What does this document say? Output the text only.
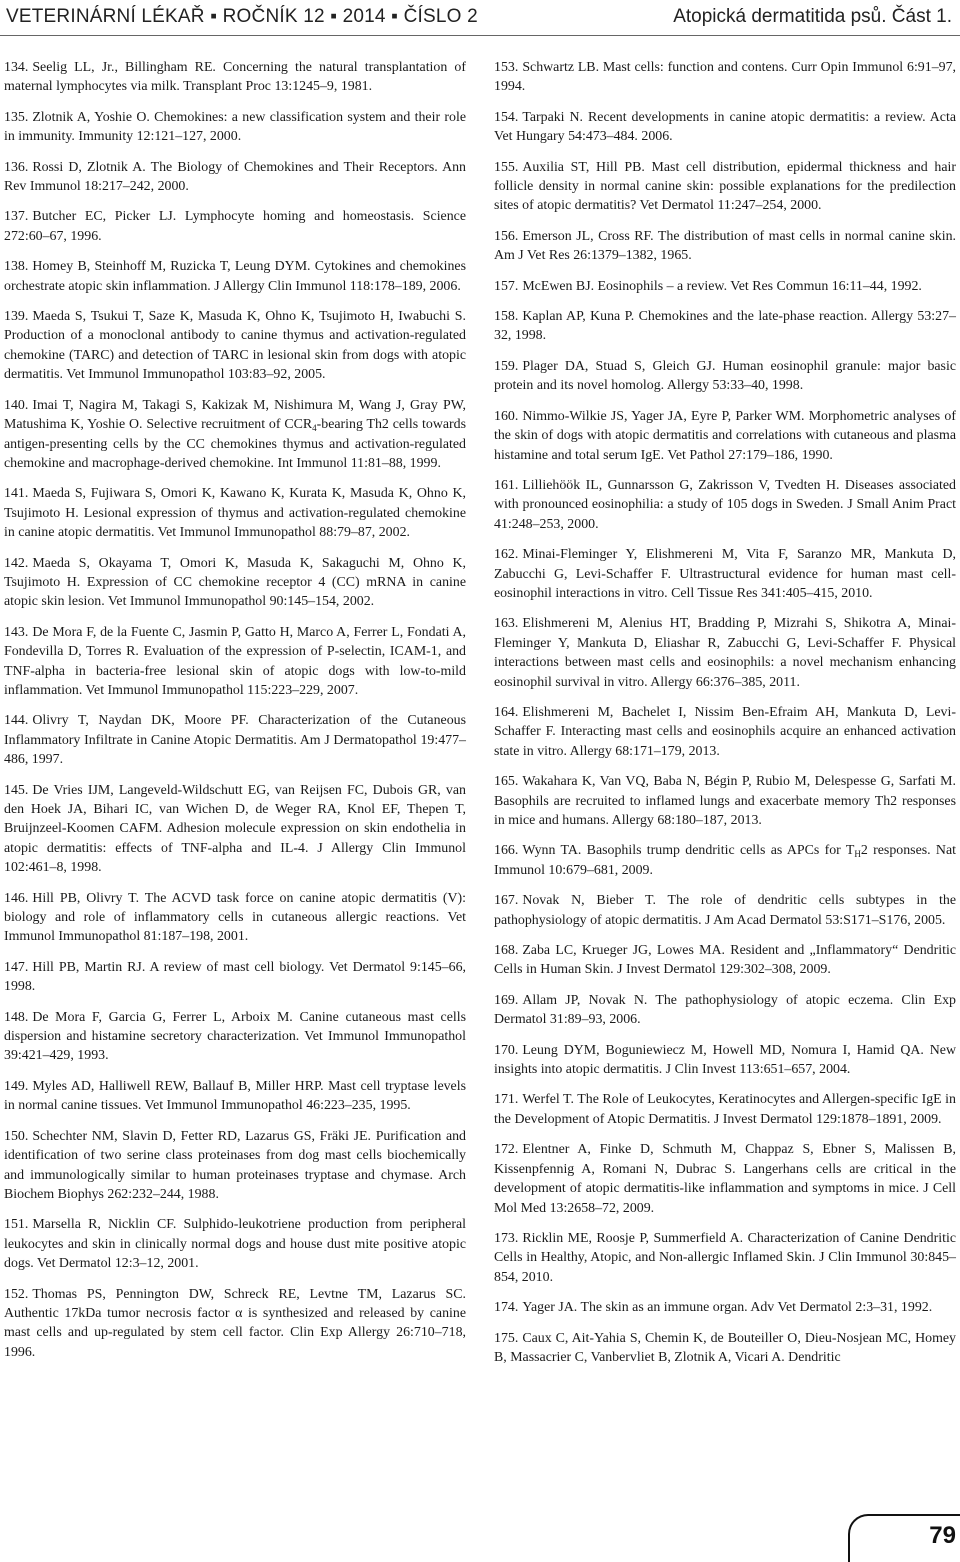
VETERINÁRNÍ LÉKAŘ ▪ ROČNÍK 12 ▪ 2014 ▪ ČÍSLO 2	Atopická dermatitida psů. Část 1.

134. Seelig LL, Jr., Billingham RE. Concerning the natural transplantation of maternal lymphocytes via milk. Transplant Proc 13:1245–9, 1981.

135. Zlotnik A, Yoshie O. Chemokines: a new classification system and their role in immunity. Immunity 12:121–127, 2000.

136. Rossi D, Zlotnik A. The Biology of Chemokines and Their Receptors. Ann Rev Immunol 18:217–242, 2000.

137. Butcher EC, Picker LJ. Lymphocyte homing and homeostasis. Science 272:60–67, 1996.

138. Homey B, Steinhoff M, Ruzicka T, Leung DYM. Cytokines and chemokines orchestrate atopic skin inflammation. J Allergy Clin Immunol 118:178–189, 2006.

139. Maeda S, Tsukui T, Saze K, Masuda K, Ohno K, Tsujimoto H, Iwabuchi S. Production of a monoclonal antibody to canine thymus and activation-regulated chemokine (TARC) and detection of TARC in lesional skin from dogs with atopic dermatitis. Vet Immunol Immunopathol 103:83–92, 2005.

140. Imai T, Nagira M, Takagi S, Kakizak M, Nishimura M, Wang J, Gray PW, Matushima K, Yoshie O. Selective recruitment of $CCR_4$-bearing Th2 cells towards antigen-presenting cells by the CC chemokines thymus and activation-regulated chemokine and macrophage-derived chemokine. Int Immunol 11:81–88, 1999.

141. Maeda S, Fujiwara S, Omori K, Kawano K, Kurata K, Masuda K, Ohno K, Tsujimoto H. Lesional expression of thymus and activation-regulated chemokine in canine atopic dermatitis. Vet Immunol Immunopathol 88:79–87, 2002.

142. Maeda S, Okayama T, Omori K, Masuda K, Sakaguchi M, Ohno K, Tsujimoto H. Expression of CC chemokine receptor 4 (CC) mRNA in canine atopic skin lesion. Vet Immunol Immunopathol 90:145–154, 2002.

143. De Mora F, de la Fuente C, Jasmin P, Gatto H, Marco A, Ferrer L, Fondati A, Fondevilla D, Torres R. Evaluation of the expression of P-selectin, ICAM-1, and TNF-alpha in bacteria-free lesional skin of atopic dogs with low-to-mild inflammation. Vet Immunol Immunopathol 115:223–229, 2007.

144. Olivry T, Naydan DK, Moore PF. Characterization of the Cutaneous Inflammatory Infiltrate in Canine Atopic Dermatitis. Am J Dermatopathol 19:477–486, 1997.

145. De Vries IJM, Langeveld-Wildschutt EG, van Reijsen FC, Dubois GR, van den Hoek JA, Bihari IC, van Wichen D, de Weger RA, Knol EF, Thepen T, Bruijnzeel-Koomen CAFM. Adhesion molecule expression on skin endothelia in atopic dermatitis: effects of TNF-alpha and IL-4. J Allergy Clin Immunol 102:461–8, 1998.

146. Hill PB, Olivry T. The ACVD task force on canine atopic dermatitis (V): biology and role of inflammatory cells in cutaneous allergic reactions. Vet Immunol Immunopathol 81:187–198, 2001.

147. Hill PB, Martin RJ. A review of mast cell biology. Vet Dermatol 9:145–66, 1998.

148. De Mora F, Garcia G, Ferrer L, Arboix M. Canine cutaneous mast cells dispersion and histamine secretory characterization. Vet Immunol Immunopathol 39:421–429, 1993.

149. Myles AD, Halliwell REW, Ballauf B, Miller HRP. Mast cell tryptase levels in normal canine tissues. Vet Immunol Immunopathol 46:223–235, 1995.

150. Schechter NM, Slavin D, Fetter RD, Lazarus GS, Fräki JE. Purification and identification of two serine class proteinases from dog mast cells biochemically and immunologically similar to human proteinases tryptase and chymase. Arch Biochem Biophys 262:232–244, 1988.

151. Marsella R, Nicklin CF. Sulphido-leukotriene production from peripheral leukocytes and skin in clinically normal dogs and house dust mite positive atopic dogs. Vet Dermatol 12:3–12, 2001.

152. Thomas PS, Pennington DW, Schreck RE, Levtne TM, Lazarus SC. Authentic 17kDa tumor necrosis factor α is synthesized and released by canine mast cells and up-regulated by stem cell factor. Clin Exp Allergy 26:710–718, 1996.

153. Schwartz LB. Mast cells: function and contens. Curr Opin Immunol 6:91–97, 1994.

154. Tarpaki N. Recent developments in canine atopic dermatitis: a review. Acta Vet Hungary 54:473–484. 2006.

155. Auxilia ST, Hill PB. Mast cell distribution, epidermal thickness and hair follicle density in normal canine skin: possible explanations for the predilection sites of atopic dermatitis? Vet Dermatol 11:247–254, 2000.

156. Emerson JL, Cross RF. The distribution of mast cells in normal canine skin. Am J Vet Res 26:1379–1382, 1965.

157. McEwen BJ. Eosinophils – a review. Vet Res Commun 16:11–44, 1992.

158. Kaplan AP, Kuna P. Chemokines and the late-phase reaction. Allergy 53:27–32, 1998.

159. Plager DA, Stuad S, Gleich GJ. Human eosinophil granule: major basic protein and its novel homolog. Allergy 53:33–40, 1998.

160. Nimmo-Wilkie JS, Yager JA, Eyre P, Parker WM. Morphometric analyses of the skin of dogs with atopic dermatitis and correlations with cutaneous and plasma histamine and total serum IgE. Vet Pathol 27:179–186, 1990.

161. Lilliehöök IL, Gunnarsson G, Zakrisson V, Tvedten H. Diseases associated with pronounced eosinophilia: a study of 105 dogs in Sweden. J Small Anim Pract 41:248–253, 2000.

162. Minai-Fleminger Y, Elishmereni M, Vita F, Saranzo MR, Mankuta D, Zabucchi G, Levi-Schaffer F. Ultrastructural evidence for human mast cell-eosinophil interactions in vitro. Cell Tissue Res 341:405–415, 2010.

163. Elishmereni M, Alenius HT, Bradding P, Mizrahi S, Shikotra A, Minai-Fleminger Y, Mankuta D, Eliashar R, Zabucchi G, Levi-Schaffer F. Physical interactions between mast cells and eosinophils: a novel mechanism enhancing eosinophil survival in vitro. Allergy 66:376–385, 2011.

164. Elishmereni M, Bachelet I, Nissim Ben-Efraim AH, Mankuta D, Levi-Schaffer F. Interacting mast cells and eosinophils acquire an enhanced activation state in vitro. Allergy 68:171–179, 2013.

165. Wakahara K, Van VQ, Baba N, Bégin P, Rubio M, Delespesse G, Sarfati M. Basophils are recruited to inflamed lungs and exacerbate memory Th2 responses in mice and humans. Allergy 68:180–187, 2013.

166. Wynn TA. Basophils trump dendritic cells as APCs for $T_H2$ responses. Nat Immunol 10:679–681, 2009.

167. Novak N, Bieber T. The role of dendritic cells subtypes in the pathophysiology of atopic dermatitis. J Am Acad Dermatol 53:S171–S176, 2005.

168. Zaba LC, Krueger JG, Lowes MA. Resident and „Inflammatory“ Dendritic Cells in Human Skin. J Invest Dermatol 129:302–308, 2009.

169. Allam JP, Novak N. The pathophysiology of atopic eczema. Clin Exp Dermatol 31:89–93, 2006.

170. Leung DYM, Boguniewiecz M, Howell MD, Nomura I, Hamid QA. New insights into atopic dermatitis. J Clin Invest 113:651–657, 2004.

171. Werfel T. The Role of Leukocytes, Keratinocytes and Allergen-specific IgE in the Development of Atopic Dermatitis. J Invest Dermatol 129:1878–1891, 2009.

172. Elentner A, Finke D, Schmuth M, Chappaz S, Ebner S, Malissen B, Kissenpfennig A, Romani N, Dubrac S. Langerhans cells are critical in the development of atopic dermatitis-like inflammation and symptoms in mice. J Cell Mol Med 13:2658–72, 2009.

173. Ricklin ME, Roosje P, Summerfield A. Characterization of Canine Dendritic Cells in Healthy, Atopic, and Non-allergic Inflamed Skin. J Clin Immunol 30:845–854, 2010.

174. Yager JA. The skin as an immune organ. Adv Vet Dermatol 2:3–31, 1992.

175. Caux C, Ait-Yahia S, Chemin K, de Bouteiller O, Dieu-Nosjean MC, Homey B, Massacrier C, Vanbervliet B, Zlotnik A, Vicari A. Dendritic

79
